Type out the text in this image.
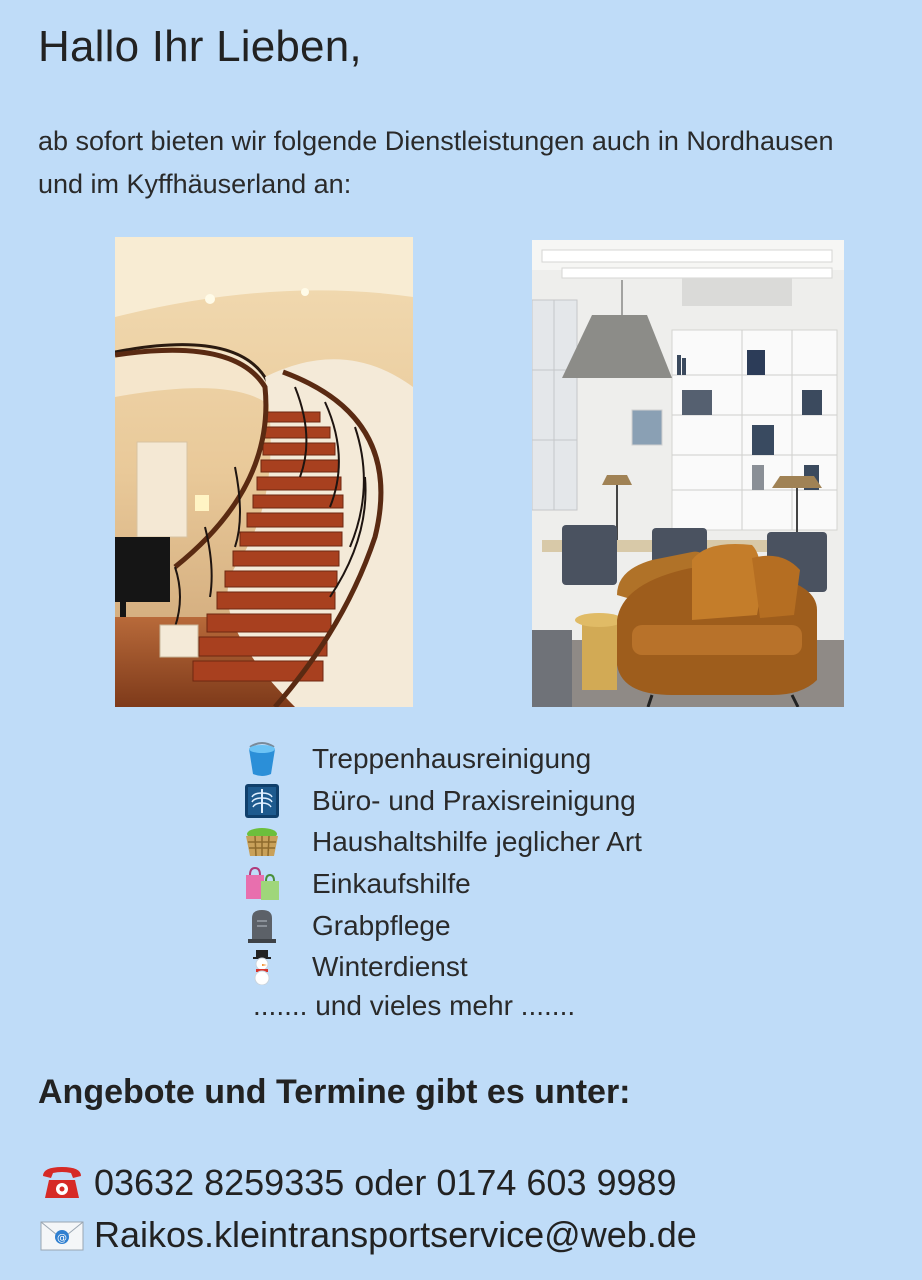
Hallo Ihr Lieben,

ab sofort bieten wir folgende Dienstleistungen auch in Nordhausen und im Kyffhäuserland an:

Treppenhausreinigung
Büro- und Praxisreinigung
Haushaltshilfe jeglicher Art
Einkaufshilfe
Grabpflege
Winterdienst
....... und vieles mehr .......
Angebote und Termine gibt es unter:
03632 8259335 oder 0174 603 9989
@ Raikos.kleintransportservice@web.de
